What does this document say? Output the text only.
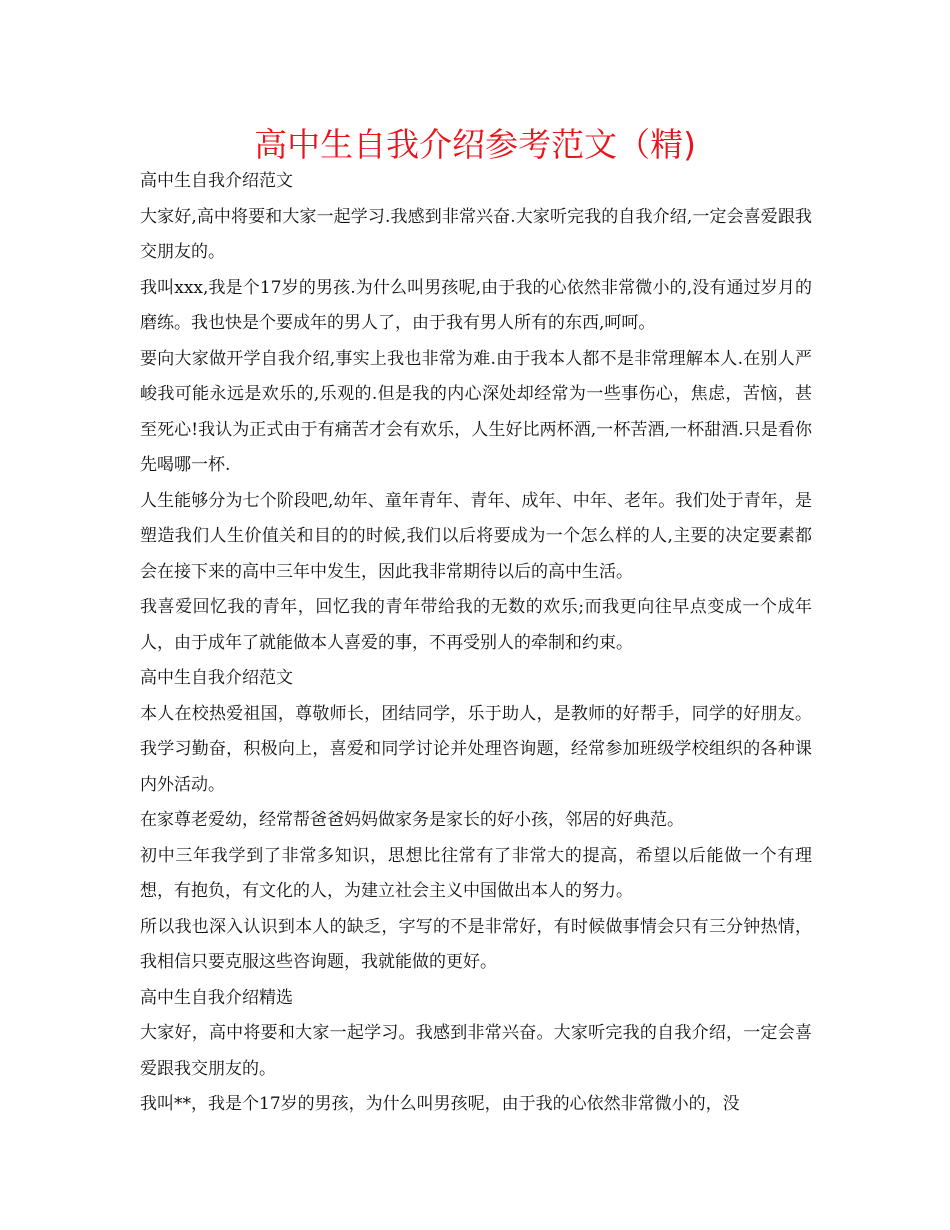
高中生自我介绍参考范文（精)

高中生自我介绍范文

大家好,高中将要和大家一起学习.我感到非常兴奋.大家听完我的自我介绍,一定会喜爱跟我交朋友的。

我叫xxx,我是个17岁的男孩.为什么叫男孩呢,由于我的心依然非常微小的,没有通过岁月的磨练。我也快是个要成年的男人了，由于我有男人所有的东西,呵呵。

要向大家做开学自我介绍,事实上我也非常为难.由于我本人都不是非常理解本人.在别人严峻我可能永远是欢乐的,乐观的.但是我的内心深处却经常为一些事伤心，焦虑，苦恼，甚至死心!我认为正式由于有痛苦才会有欢乐，人生好比两杯酒,一杯苦酒,一杯甜酒.只是看你先喝哪一杯.

人生能够分为七个阶段吧,幼年、童年青年、青年、成年、中年、老年。我们处于青年，是塑造我们人生价值关和目的的时候,我们以后将要成为一个怎么样的人,主要的决定要素都会在接下来的高中三年中发生，因此我非常期待以后的高中生活。

我喜爱回忆我的青年，回忆我的青年带给我的无数的欢乐;而我更向往早点变成一个成年人，由于成年了就能做本人喜爱的事，不再受别人的牵制和约束。

高中生自我介绍范文

本人在校热爱祖国，尊敬师长，团结同学，乐于助人，是教师的好帮手，同学的好朋友。我学习勤奋，积极向上，喜爱和同学讨论并处理咨询题，经常参加班级学校组织的各种课内外活动。

在家尊老爱幼，经常帮爸爸妈妈做家务是家长的好小孩，邻居的好典范。

初中三年我学到了非常多知识，思想比往常有了非常大的提高，希望以后能做一个有理想，有抱负，有文化的人，为建立社会主义中国做出本人的努力。

所以我也深入认识到本人的缺乏，字写的不是非常好，有时候做事情会只有三分钟热情，我相信只要克服这些咨询题，我就能做的更好。

高中生自我介绍精选

大家好，高中将要和大家一起学习。我感到非常兴奋。大家听完我的自我介绍，一定会喜爱跟我交朋友的。

我叫**，我是个17岁的男孩，为什么叫男孩呢，由于我的心依然非常微小的，没
